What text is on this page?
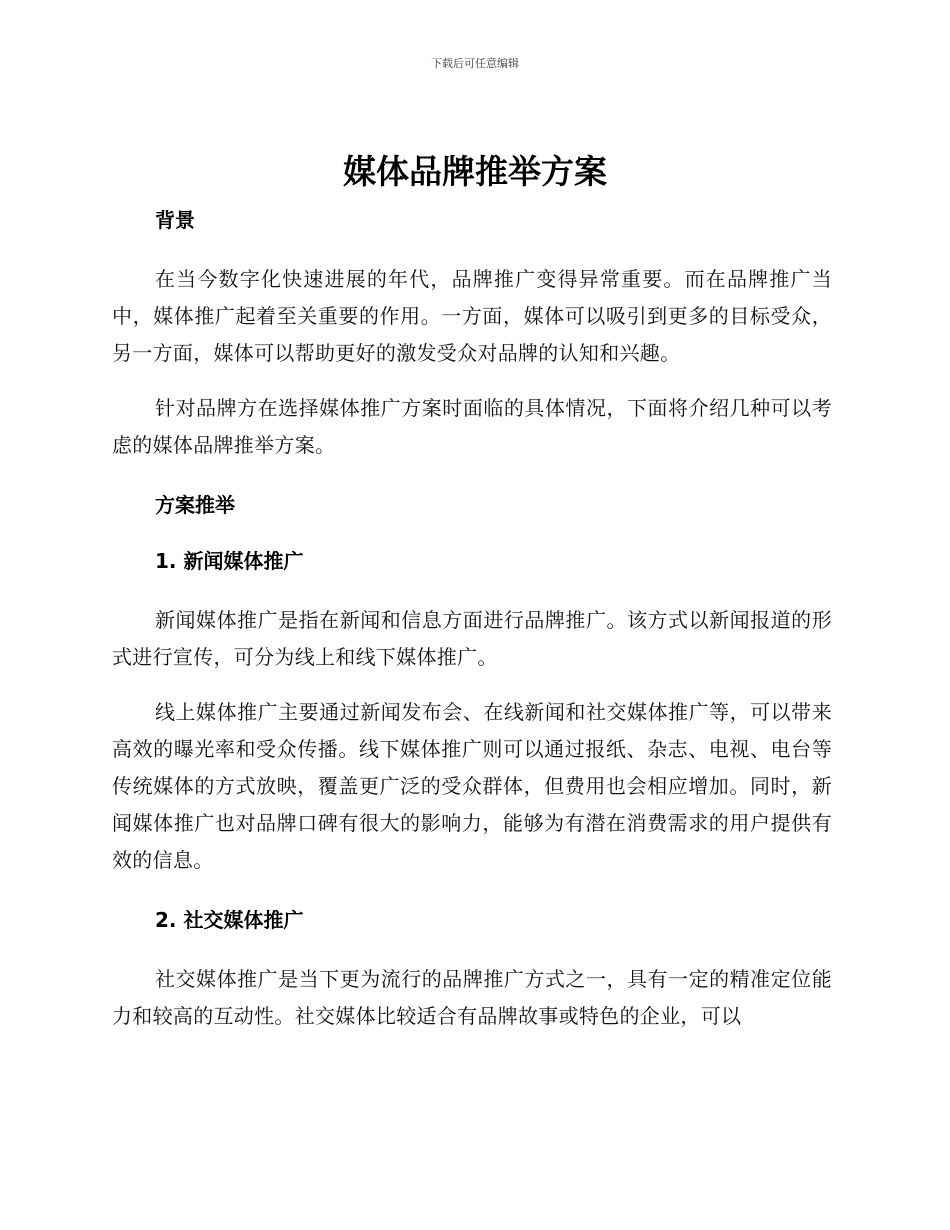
下载后可任意编辑
媒体品牌推举方案
背景

在当今数字化快速进展的年代，品牌推广变得异常重要。而在品牌推广当中，媒体推广起着至关重要的作用。一方面，媒体可以吸引到更多的目标受众，另一方面，媒体可以帮助更好的激发受众对品牌的认知和兴趣。

针对品牌方在选择媒体推广方案时面临的具体情况，下面将介绍几种可以考虑的媒体品牌推举方案。

方案推举
1. 新闻媒体推广

新闻媒体推广是指在新闻和信息方面进行品牌推广。该方式以新闻报道的形式进行宣传，可分为线上和线下媒体推广。

线上媒体推广主要通过新闻发布会、在线新闻和社交媒体推广等，可以带来高效的曝光率和受众传播。线下媒体推广则可以通过报纸、杂志、电视、电台等传统媒体的方式放映，覆盖更广泛的受众群体，但费用也会相应增加。同时，新闻媒体推广也对品牌口碑有很大的影响力，能够为有潜在消费需求的用户提供有效的信息。

2. 社交媒体推广

社交媒体推广是当下更为流行的品牌推广方式之一，具有一定的精准定位能力和较高的互动性。社交媒体比较适合有品牌故事或特色的企业，可以
